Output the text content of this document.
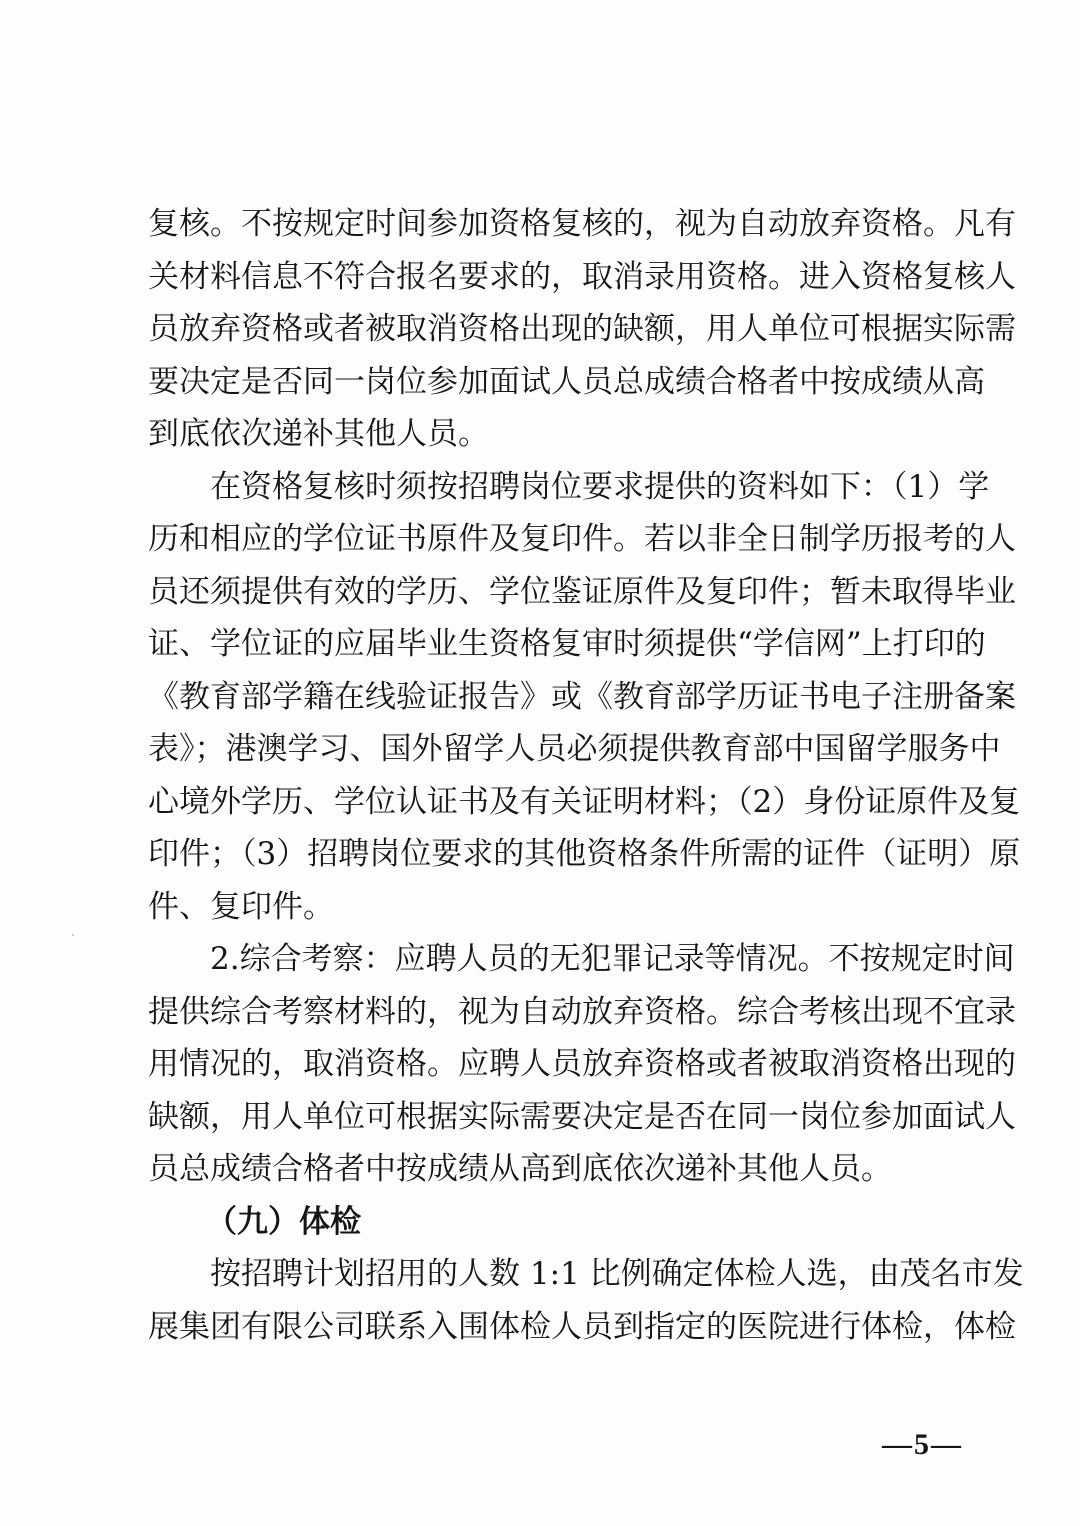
复核。不按规定时间参加资格复核的，视为自动放弃资格。凡有
关材料信息不符合报名要求的，取消录用资格。进入资格复核人
员放弃资格或者被取消资格出现的缺额，用人单位可根据实际需
要决定是否同一岗位参加面试人员总成绩合格者中按成绩从高
到底依次递补其他人员。
在资格复核时须按招聘岗位要求提供的资料如下：（1）学
历和相应的学位证书原件及复印件。若以非全日制学历报考的人
员还须提供有效的学历、学位鉴证原件及复印件；暂未取得毕业
证、学位证的应届毕业生资格复审时须提供“学信网”上打印的
《教育部学籍在线验证报告》或《教育部学历证书电子注册备案
表》；港澳学习、国外留学人员必须提供教育部中国留学服务中
心境外学历、学位认证书及有关证明材料；（2）身份证原件及复
印件；（3）招聘岗位要求的其他资格条件所需的证件（证明）原
件、复印件。
2.综合考察：应聘人员的无犯罪记录等情况。不按规定时间
提供综合考察材料的，视为自动放弃资格。综合考核出现不宜录
用情况的，取消资格。应聘人员放弃资格或者被取消资格出现的
缺额，用人单位可根据实际需要决定是否在同一岗位参加面试人
员总成绩合格者中按成绩从高到底依次递补其他人员。
（九）体检
按招聘计划招用的人数 1:1 比例确定体检人选，由茂名市发
展集团有限公司联系入围体检人员到指定的医院进行体检，体检
—5—
